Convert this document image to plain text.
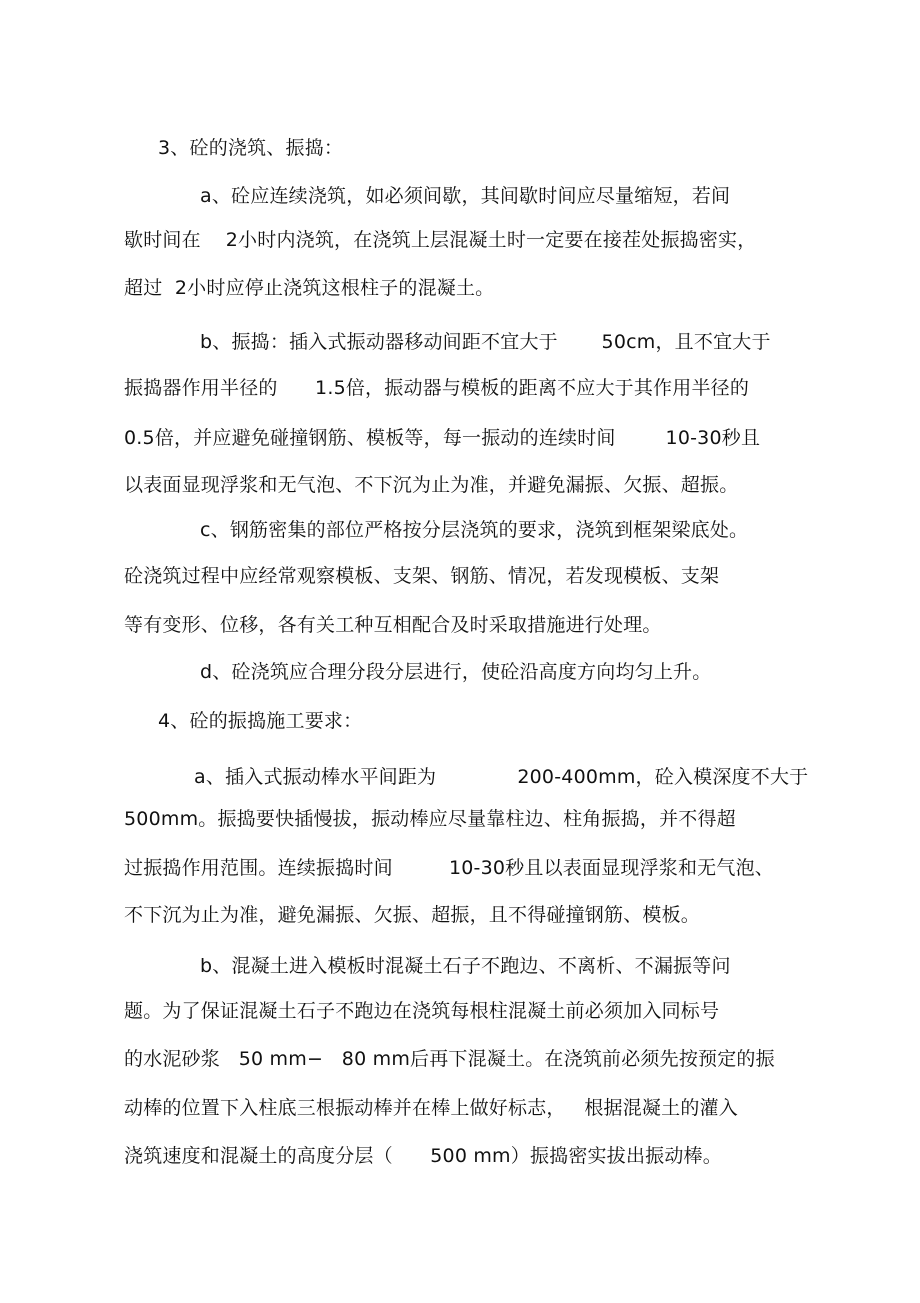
3、砼的浇筑、振捣：
a、砼应连续浇筑，如必须间歇，其间歇时间应尽量缩短，若间
歇时间在    2小时内浇筑，在浇筑上层混凝土时一定要在接茬处振捣密实，
超过  2小时应停止浇筑这根柱子的混凝土。
b、振捣：插入式振动器移动间距不宜大于       50cm，且不宜大于
振捣器作用半径的      1.5倍，振动器与模板的距离不应大于其作用半径的
0.5倍，并应避免碰撞钢筋、模板等，每一振动的连续时间        10-30秒且
以表面显现浮浆和无气泡、不下沉为止为准，并避免漏振、欠振、超振。
c、钢筋密集的部位严格按分层浇筑的要求，浇筑到框架梁底处。
砼浇筑过程中应经常观察模板、支架、钢筋、情况，若发现模板、支架
等有变形、位移，各有关工种互相配合及时采取措施进行处理。
d、砼浇筑应合理分段分层进行，使砼沿高度方向均匀上升。
4、砼的振捣施工要求：
a、插入式振动棒水平间距为             200-400mm，砼入模深度不大于
500mm。振捣要快插慢拔，振动棒应尽量靠柱边、柱角振捣，并不得超
过振捣作用范围。连续振捣时间         10-30秒且以表面显现浮浆和无气泡、
不下沉为止为准，避免漏振、欠振、超振，且不得碰撞钢筋、模板。
b、混凝土进入模板时混凝土石子不跑边、不离析、不漏振等问
题。为了保证混凝土石子不跑边在浇筑每根柱混凝土前必须加入同标号
的水泥砂浆   50 mm−   80 mm后再下混凝土。在浇筑前必须先按预定的振
动棒的位置下入柱底三根振动棒并在棒上做好标志，   根据混凝土的灌入
浇筑速度和混凝土的高度分层（      500 mm）振捣密实拔出振动棒。
